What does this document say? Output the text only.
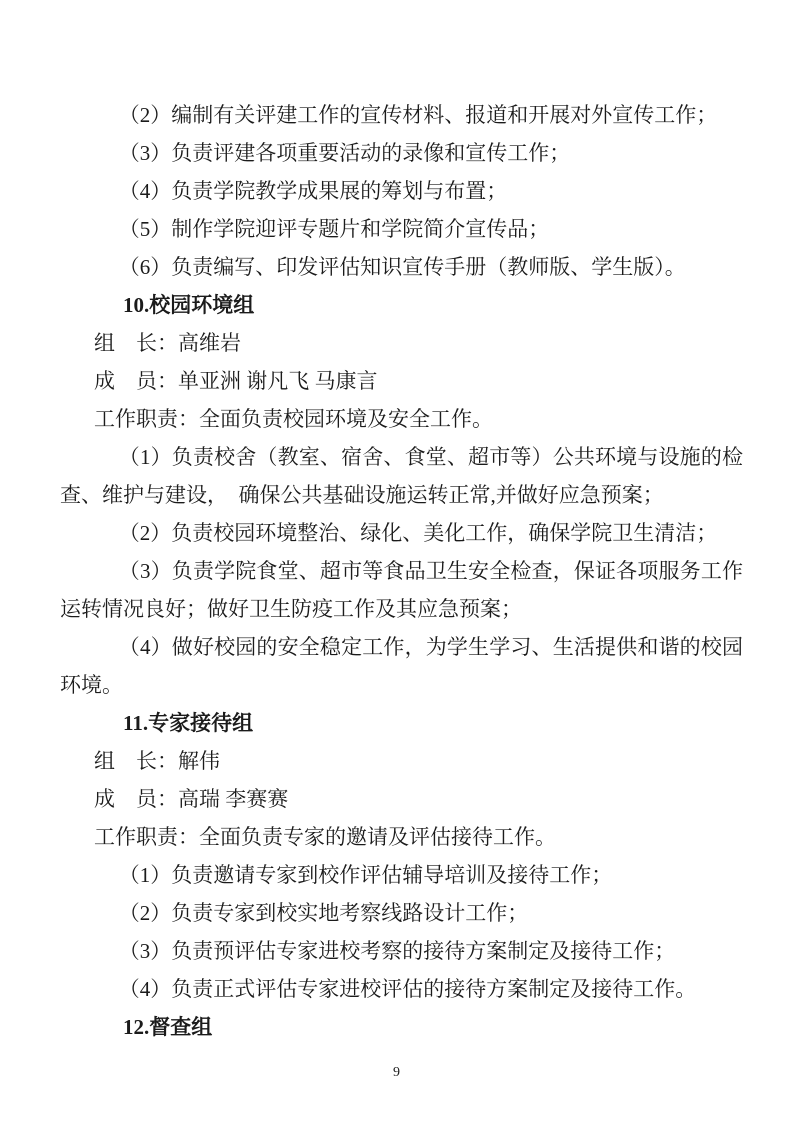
（2）编制有关评建工作的宣传材料、报道和开展对外宣传工作；

（3）负责评建各项重要活动的录像和宣传工作；

（4）负责学院教学成果展的筹划与布置；

（5）制作学院迎评专题片和学院简介宣传品；

（6）负责编写、印发评估知识宣传手册（教师版、学生版）。

10.校园环境组

组　长：高维岩

成　员：单亚洲 谢凡飞 马康言

工作职责：全面负责校园环境及安全工作。

（1）负责校舍（教室、宿舍、食堂、超市等）公共环境与设施的检

查、维护与建设，　确保公共基础设施运转正常,并做好应急预案；

（2）负责校园环境整治、绿化、美化工作，确保学院卫生清洁；

（3）负责学院食堂、超市等食品卫生安全检查，保证各项服务工作

运转情况良好；做好卫生防疫工作及其应急预案；

（4）做好校园的安全稳定工作，为学生学习、生活提供和谐的校园

环境。

11.专家接待组

组　长：解伟

成　员：高瑞 李赛赛

工作职责：全面负责专家的邀请及评估接待工作。

（1）负责邀请专家到校作评估辅导培训及接待工作；

（2）负责专家到校实地考察线路设计工作；

（3）负责预评估专家进校考察的接待方案制定及接待工作；

（4）负责正式评估专家进校评估的接待方案制定及接待工作。

12.督查组

9
